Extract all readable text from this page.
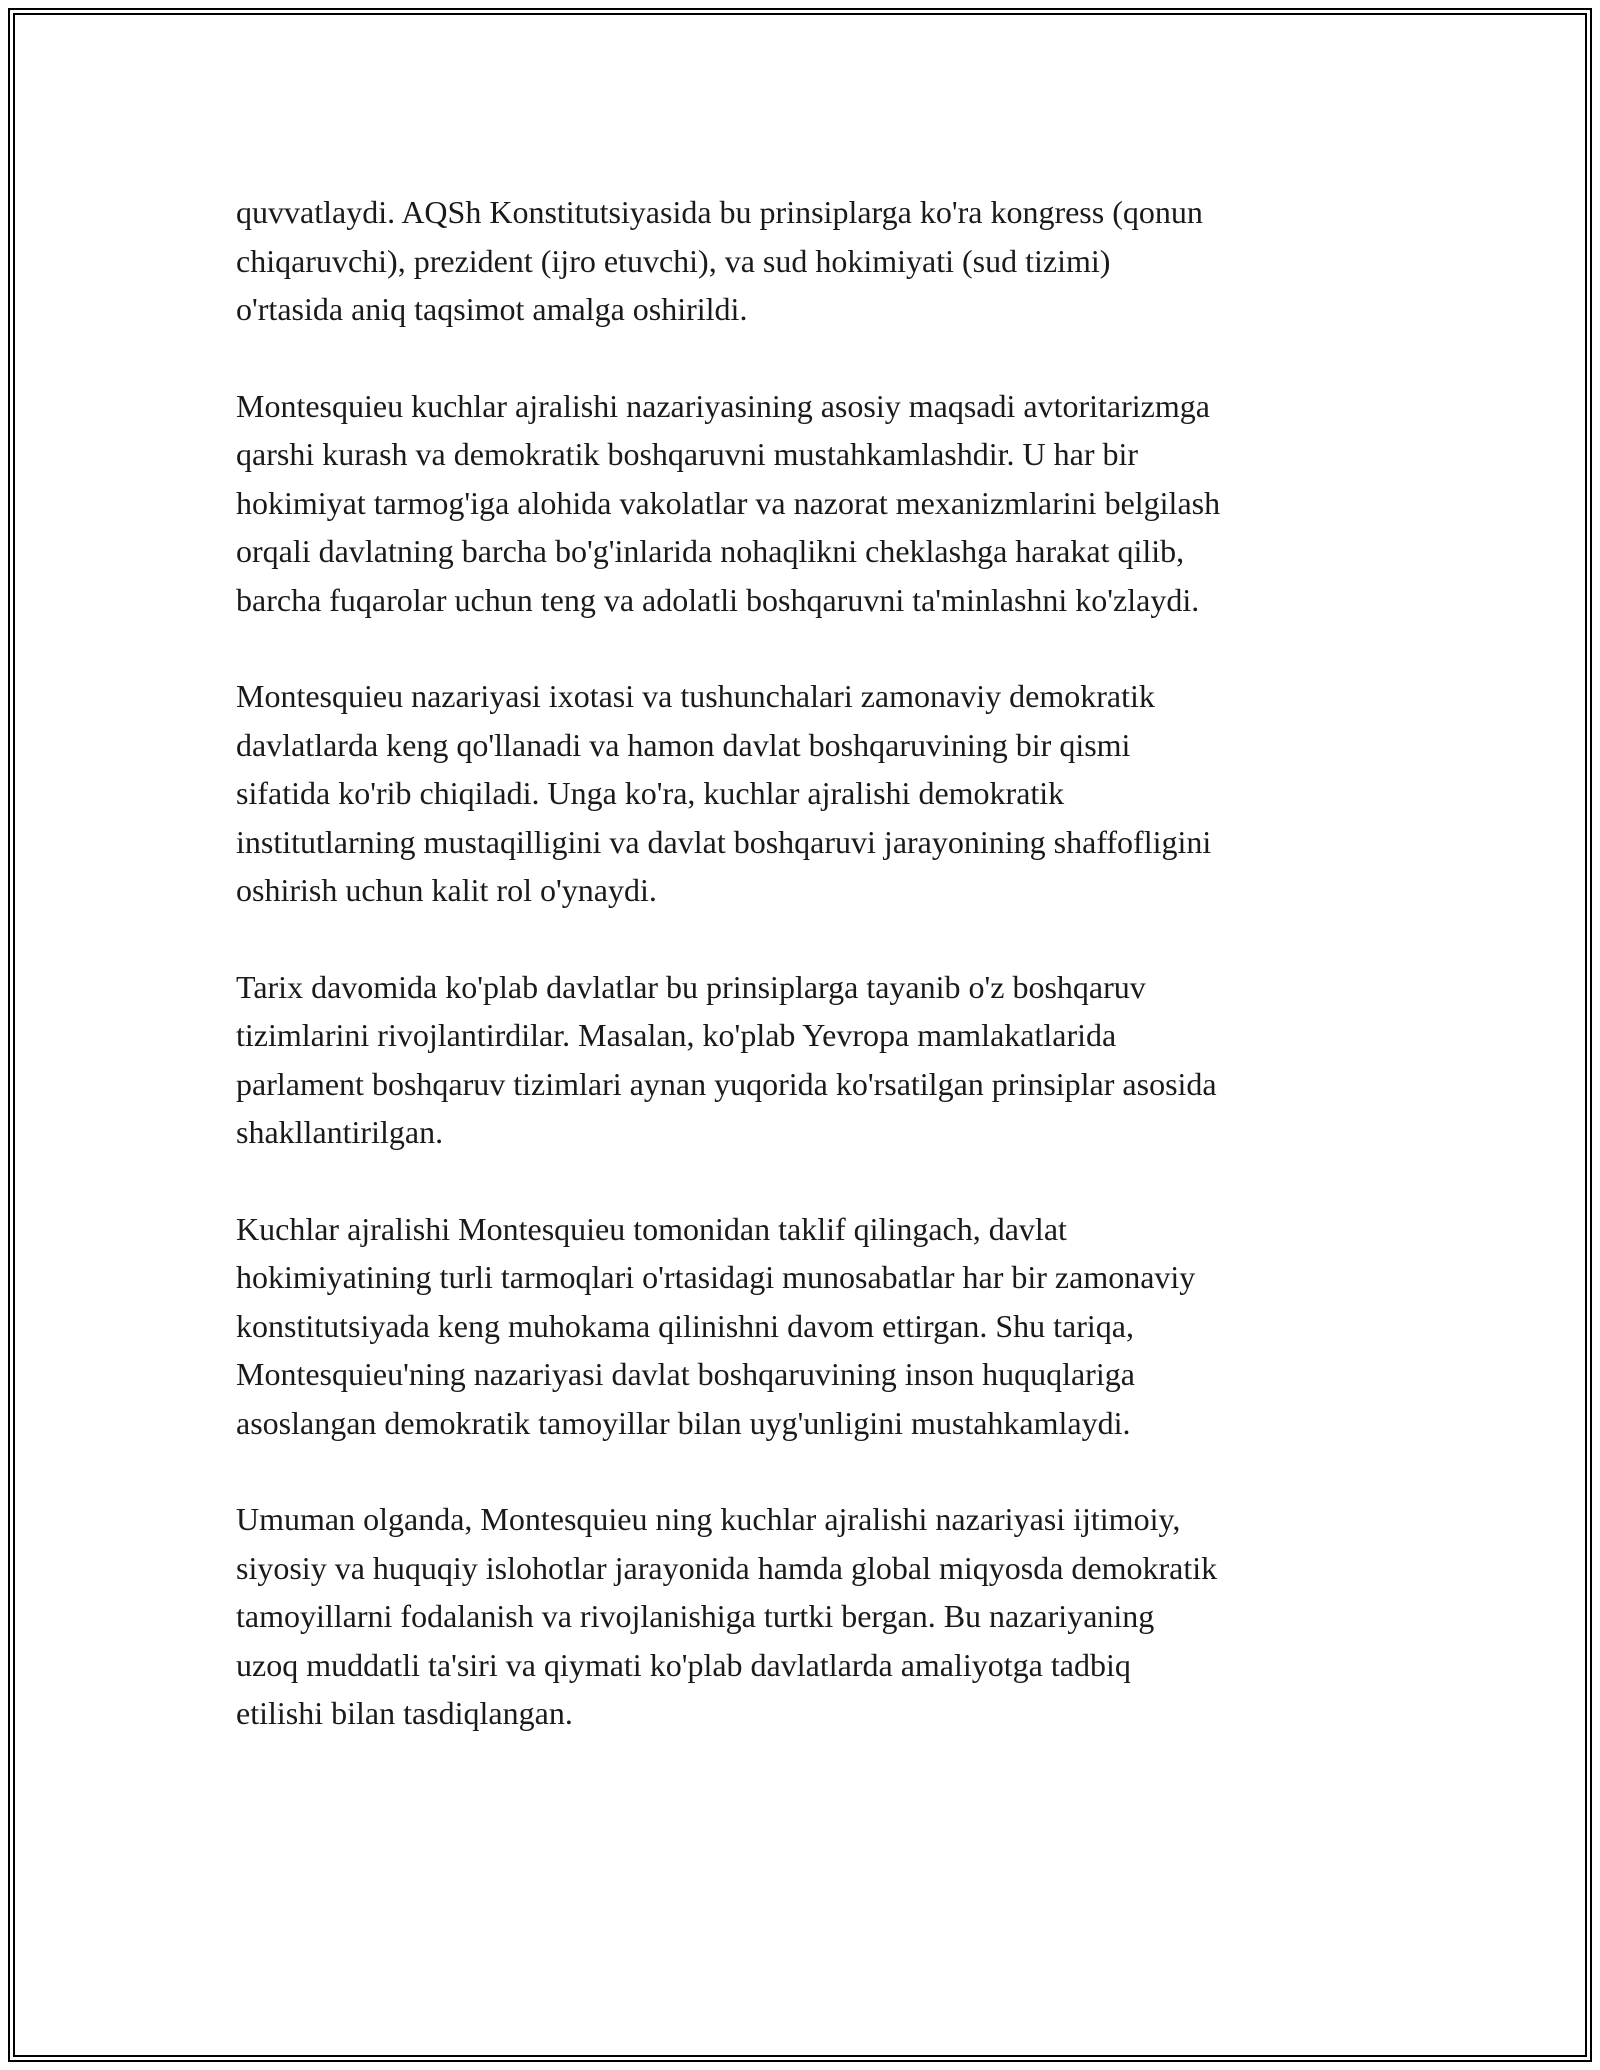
quvvatlaydi. AQSh Konstitutsiyasida bu prinsiplarga ko'ra kongress (qonun
chiqaruvchi), prezident (ijro etuvchi), va sud hokimiyati (sud tizimi)
o'rtasida aniq taqsimot amalga oshirildi.

Montesquieu kuchlar ajralishi nazariyasining asosiy maqsadi avtoritarizmga
qarshi kurash va demokratik boshqaruvni mustahkamlashdir. U har bir
hokimiyat tarmog'iga alohida vakolatlar va nazorat mexanizmlarini belgilash
orqali davlatning barcha bo'g'inlarida nohaqlikni cheklashga harakat qilib,
barcha fuqarolar uchun teng va adolatli boshqaruvni ta'minlashni ko'zlaydi.

Montesquieu nazariyasi ixotasi va tushunchalari zamonaviy demokratik
davlatlarda keng qo'llanadi va hamon davlat boshqaruvining bir qismi
sifatida ko'rib chiqiladi. Unga ko'ra, kuchlar ajralishi demokratik
institutlarning mustaqilligini va davlat boshqaruvi jarayonining shaffofligini
oshirish uchun kalit rol o'ynaydi.

Tarix davomida ko'plab davlatlar bu prinsiplarga tayanib o'z boshqaruv
tizimlarini rivojlantirdilar. Masalan, ko'plab Yevropa mamlakatlarida
parlament boshqaruv tizimlari aynan yuqorida ko'rsatilgan prinsiplar asosida
shakllantirilgan.

Kuchlar ajralishi Montesquieu tomonidan taklif qilingach, davlat
hokimiyatining turli tarmoqlari o'rtasidagi munosabatlar har bir zamonaviy
konstitutsiyada keng muhokama qilinishni davom ettirgan. Shu tariqa,
Montesquieu'ning nazariyasi davlat boshqaruvining inson huquqlariga
asoslangan demokratik tamoyillar bilan uyg'unligini mustahkamlaydi.

Umuman olganda, Montesquieu ning kuchlar ajralishi nazariyasi ijtimoiy,
siyosiy va huquqiy islohotlar jarayonida hamda global miqyosda demokratik
tamoyillarni fodalanish va rivojlanishiga turtki bergan. Bu nazariyaning
uzoq muddatli ta'siri va qiymati ko'plab davlatlarda amaliyotga tadbiq
etilishi bilan tasdiqlangan.
